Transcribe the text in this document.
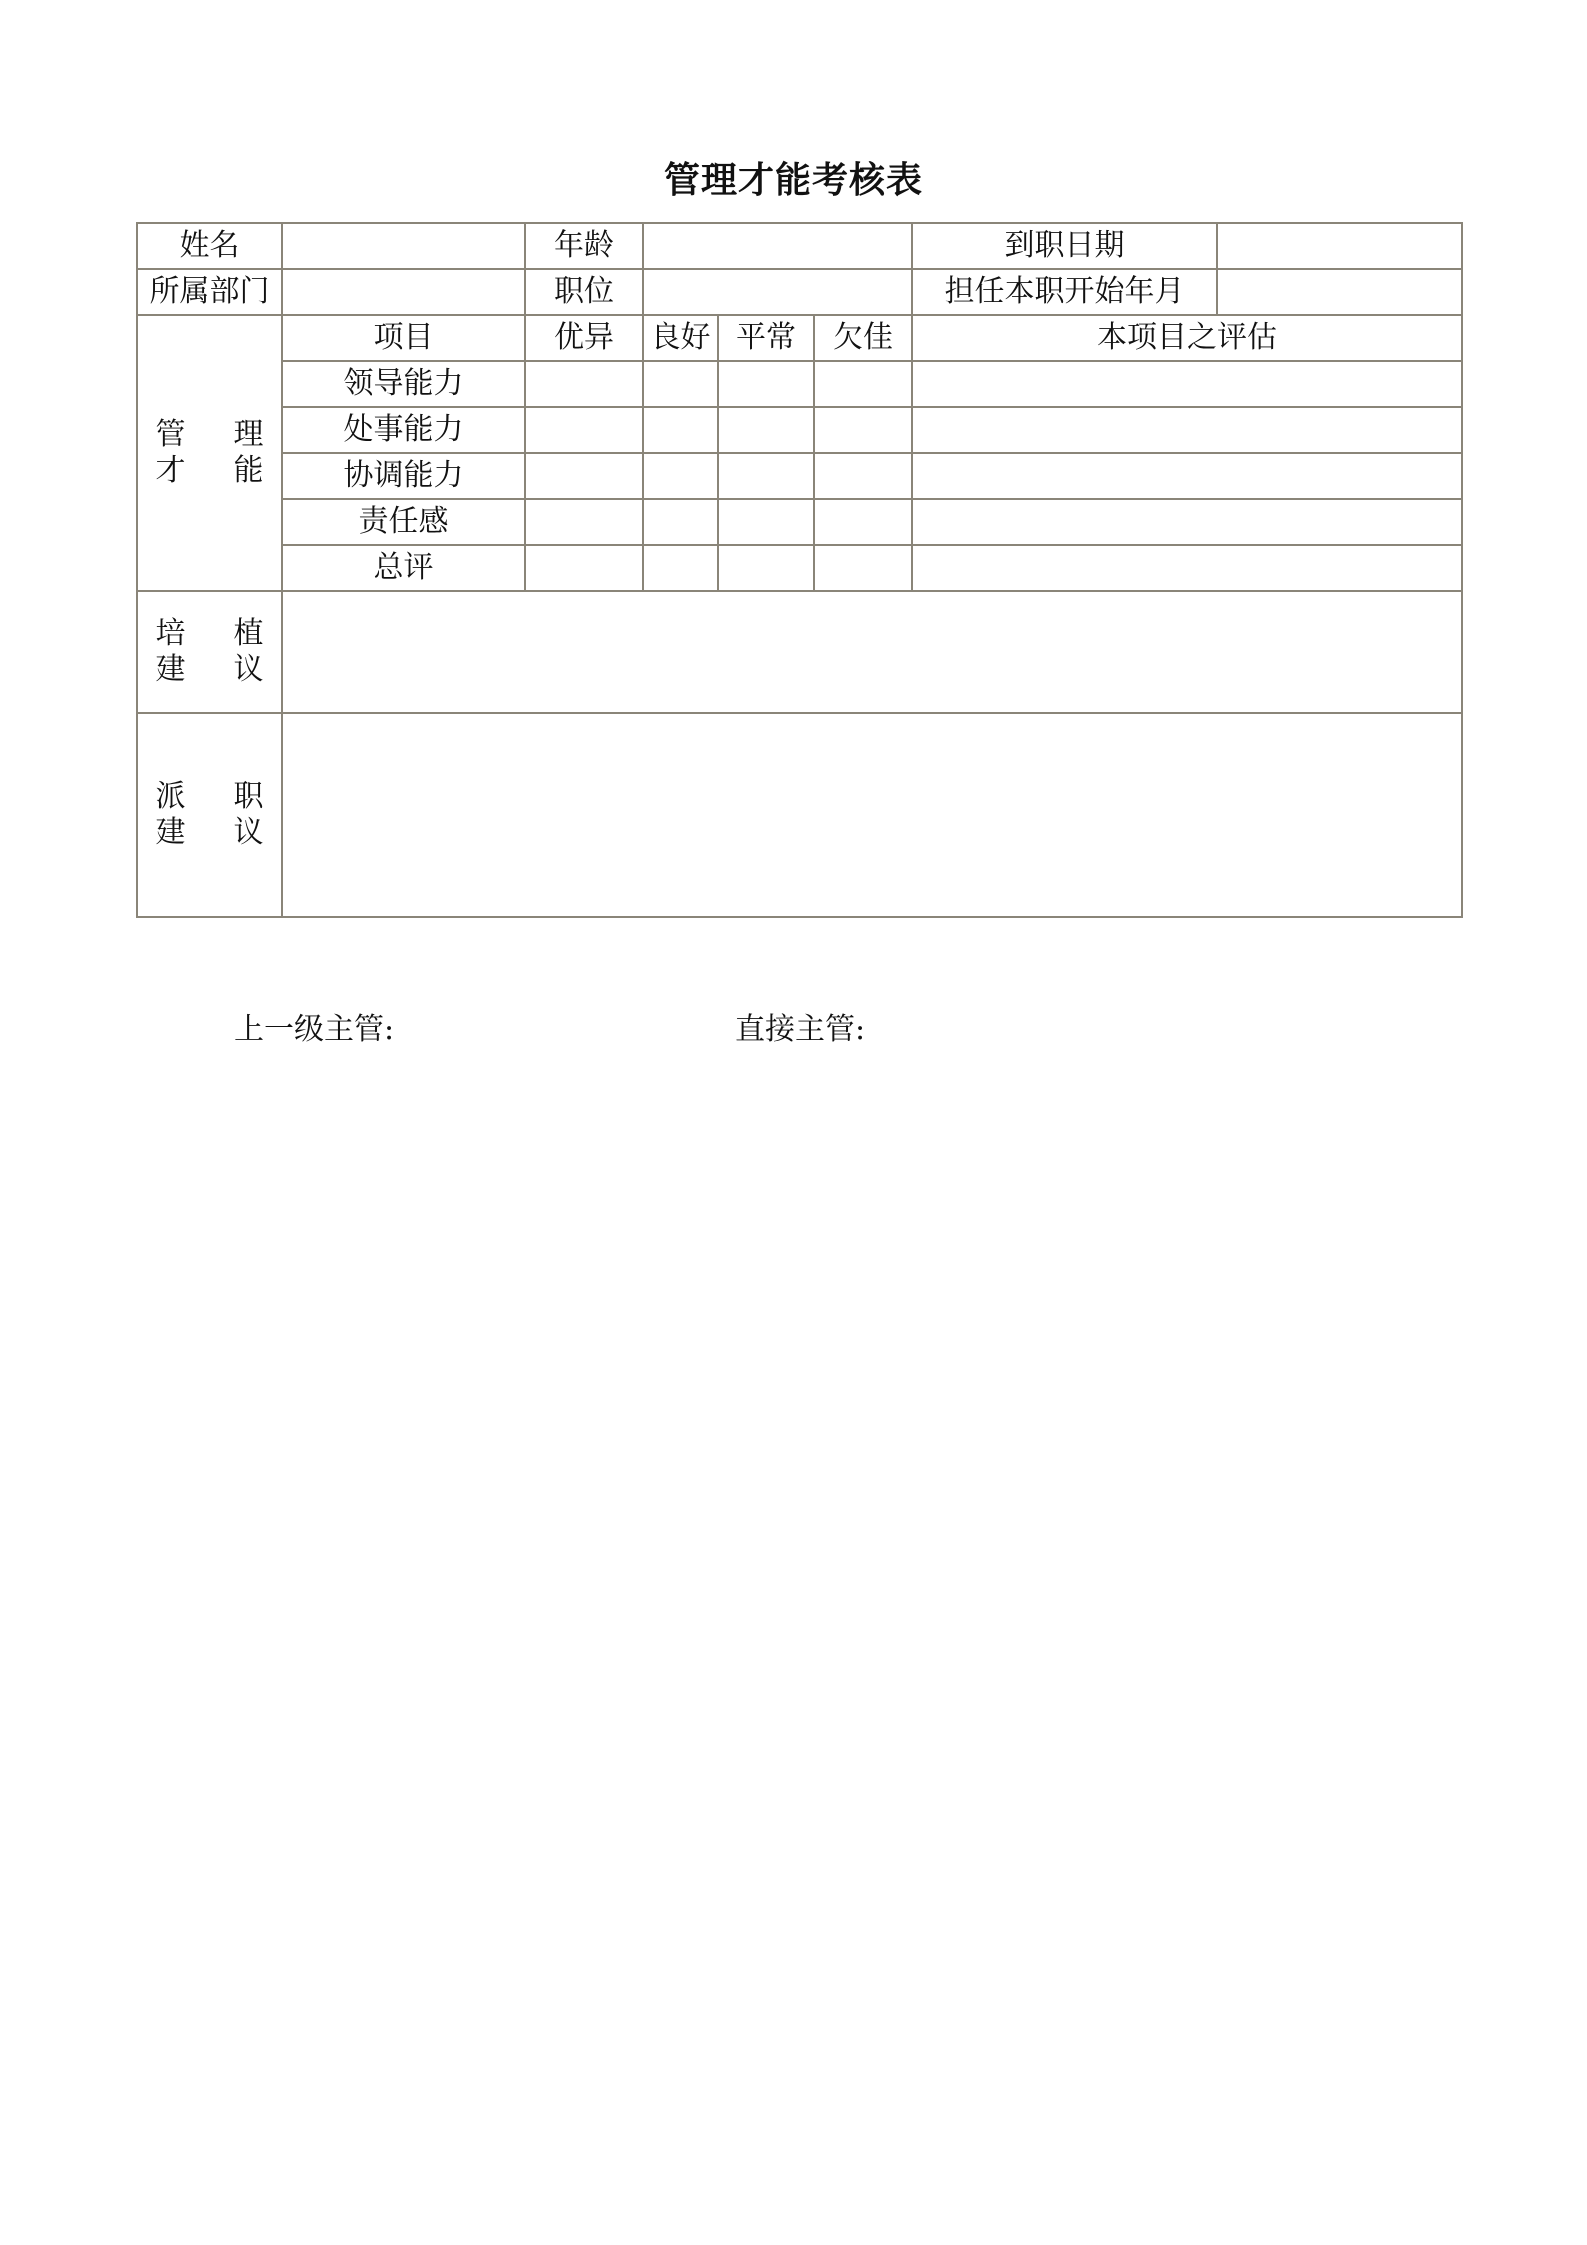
管理才能考核表
姓名		年龄				到职日期	
所属部门		职位				担任本职开始年月	
管 理
才 能	项目	优异	良好	平常	欠佳	本项目之评估	
	领导能力						
	处事能力						
	协调能力						
	责任感						
	总评						
培 植
建 议							
派 职
建 议							
上一级主管:	直接主管:
